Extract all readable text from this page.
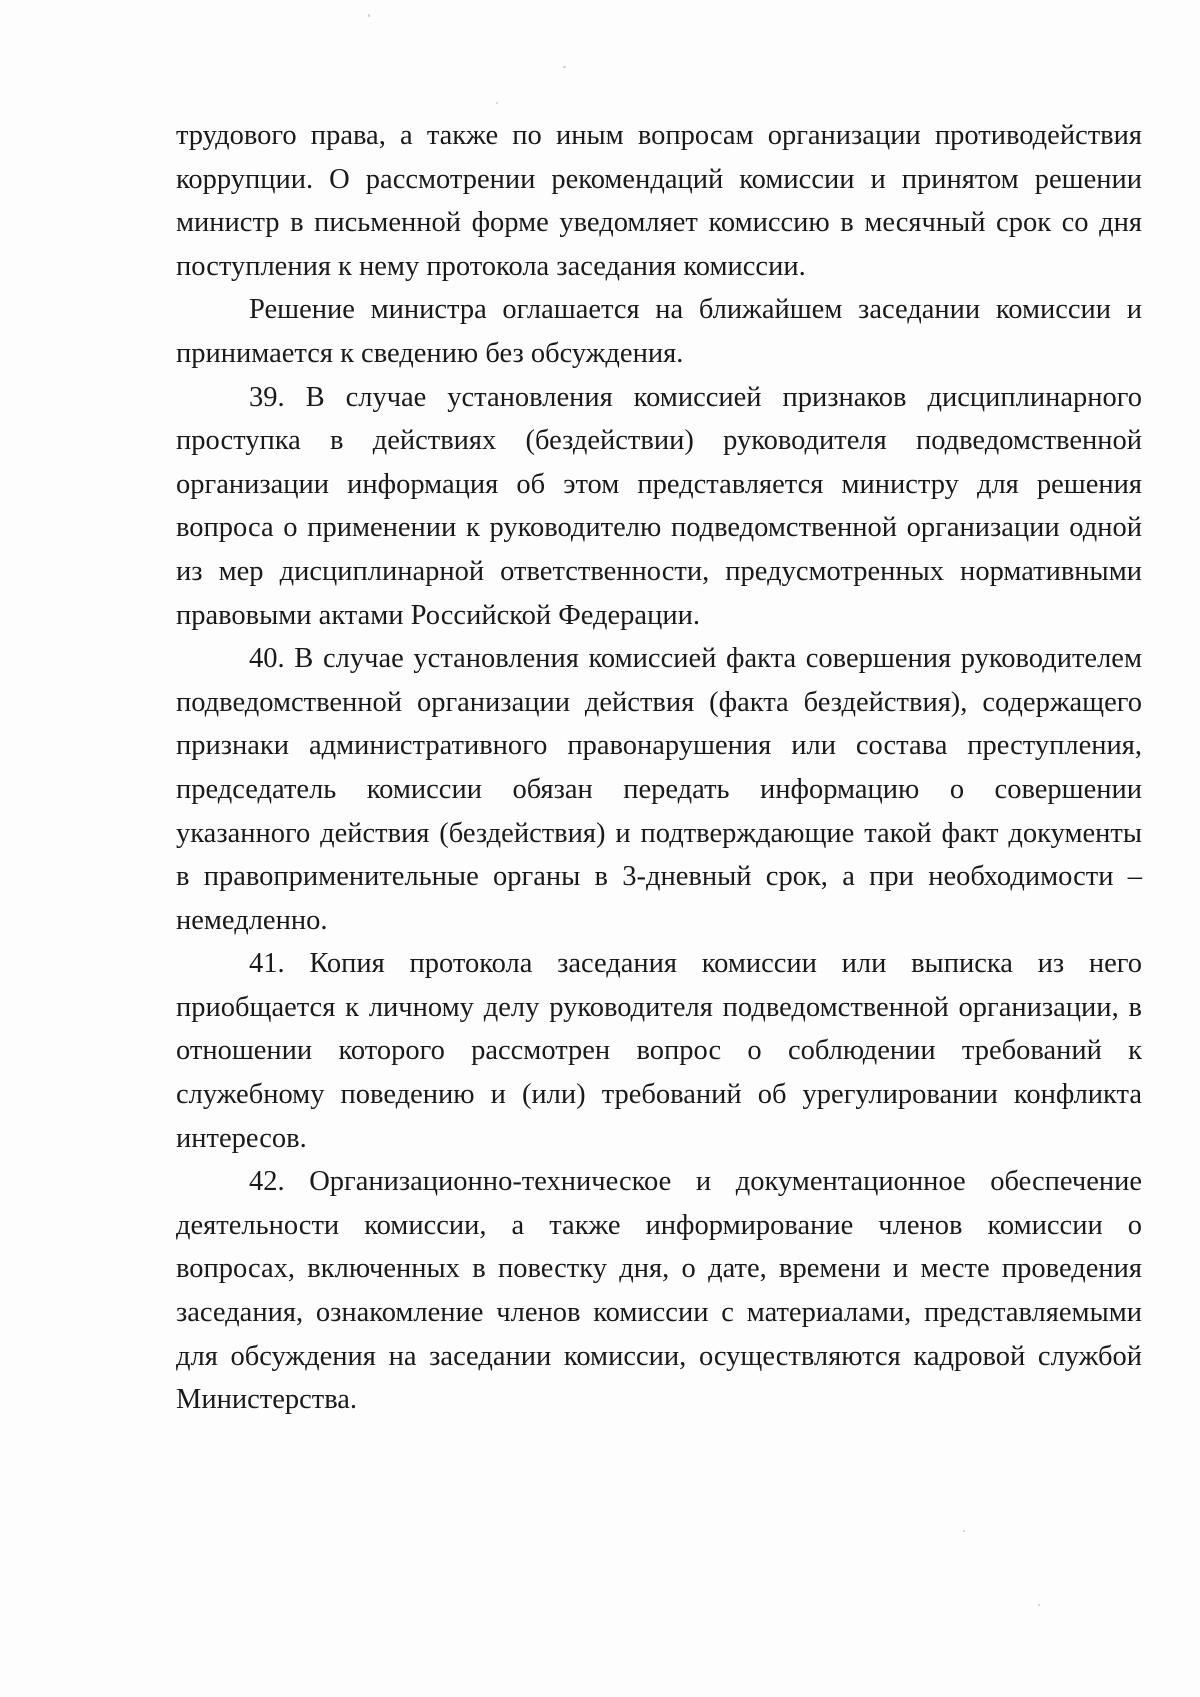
трудового права, а также по иным вопросам организации противодействия коррупции. О рассмотрении рекомендаций комиссии и принятом решении министр в письменной форме уведомляет комиссию в месячный срок со дня поступления к нему протокола заседания комиссии.

Решение министра оглашается на ближайшем заседании комиссии и принимается к сведению без обсуждения.

39. В случае установления комиссией признаков дисциплинарного проступка в действиях (бездействии) руководителя подведомственной организации информация об этом представляется министру для решения вопроса о применении к руководителю подведомственной организации одной из мер дисциплинарной ответственности, предусмотренных нормативными правовыми актами Российской Федерации.

40. В случае установления комиссией факта совершения руководителем подведомственной организации действия (факта бездействия), содержащего признаки административного правонарушения или состава преступления, председатель комиссии обязан передать информацию о совершении указанного действия (бездействия) и подтверждающие такой факт документы в правоприменительные органы в 3-дневный срок, а при необходимости – немедленно.

41. Копия протокола заседания комиссии или выписка из него приобщается к личному делу руководителя подведомственной организации, в отношении которого рассмотрен вопрос о соблюдении требований к служебному поведению и (или) требований об урегулировании конфликта интересов.

42. Организационно-техническое и документационное обеспечение деятельности комиссии, а также информирование членов комиссии о вопросах, включенных в повестку дня, о дате, времени и месте проведения заседания, ознакомление членов комиссии с материалами, представляемыми для обсуждения на заседании комиссии, осуществляются кадровой службой Министерства.
